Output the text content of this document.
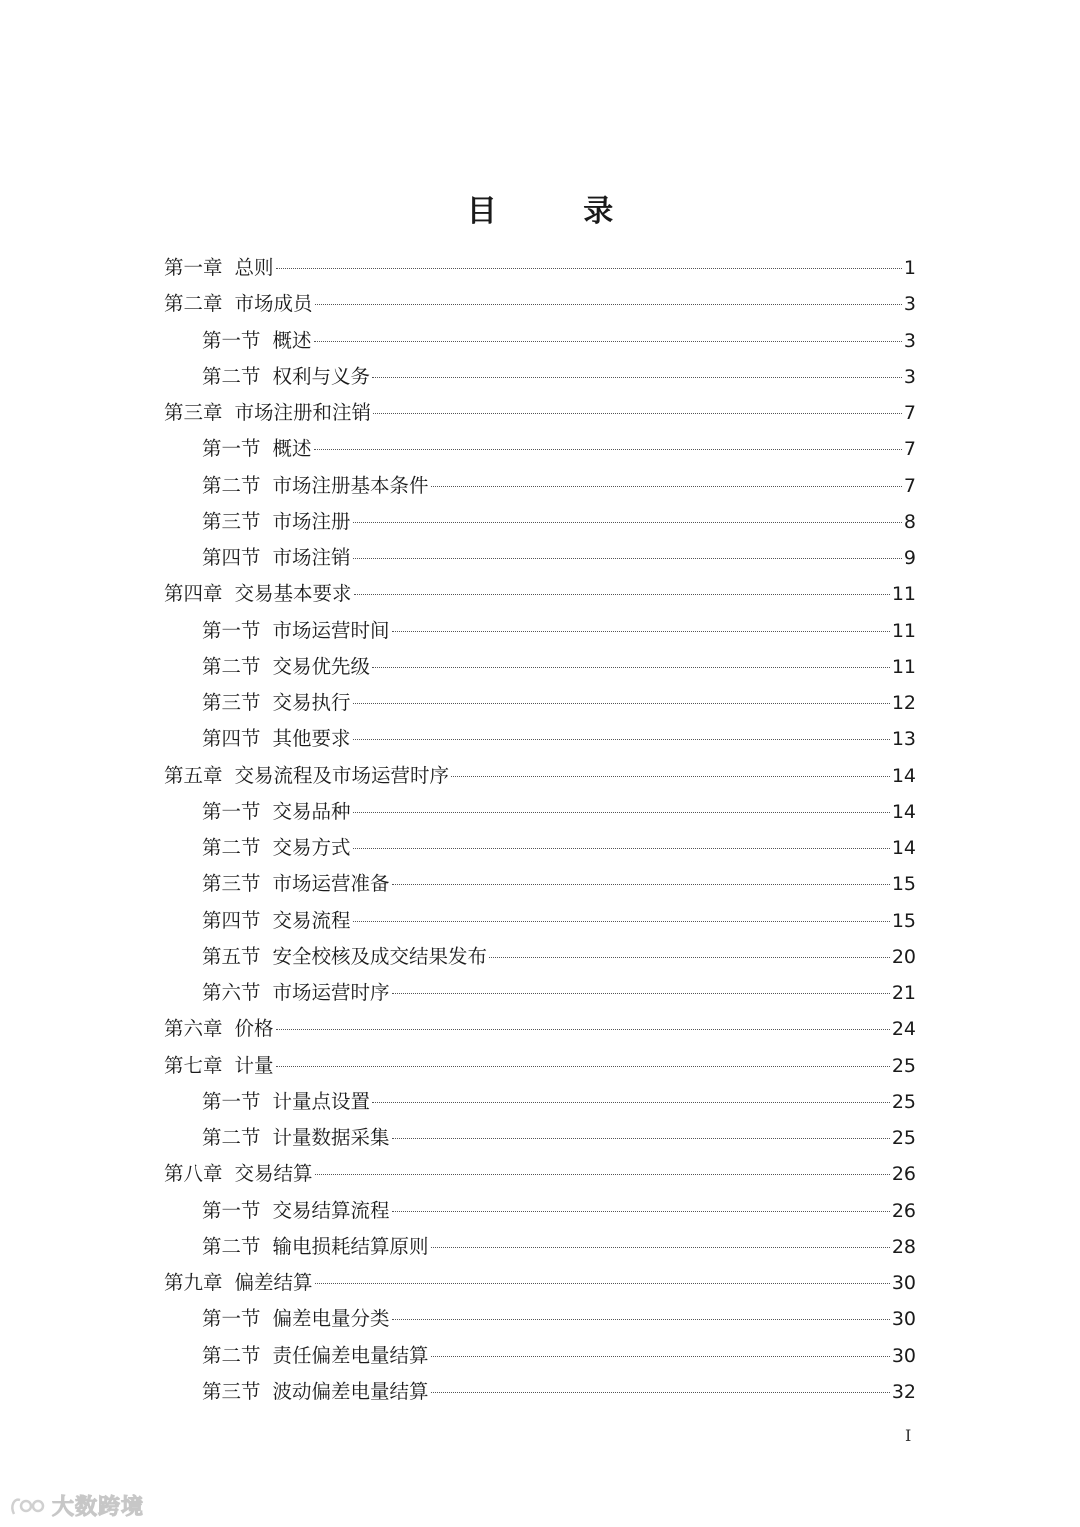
目 录
第一章 总则	1
第二章 市场成员	3
第一节 概述	3
第二节 权利与义务	3
第三章 市场注册和注销	7
第一节 概述	7
第二节 市场注册基本条件	7
第三节 市场注册	8
第四节 市场注销	9
第四章 交易基本要求	11
第一节 市场运营时间	11
第二节 交易优先级	11
第三节 交易执行	12
第四节 其他要求	13
第五章 交易流程及市场运营时序	14
第一节 交易品种	14
第二节 交易方式	14
第三节 市场运营准备	15
第四节 交易流程	15
第五节 安全校核及成交结果发布	20
第六节 市场运营时序	21
第六章 价格	24
第七章 计量	25
第一节 计量点设置	25
第二节 计量数据采集	25
第八章 交易结算	26
第一节 交易结算流程	26
第二节 输电损耗结算原则	28
第九章 偏差结算	30
第一节 偏差电量分类	30
第二节 责任偏差电量结算	30
第三节 波动偏差电量结算	32
I
大数跨境
